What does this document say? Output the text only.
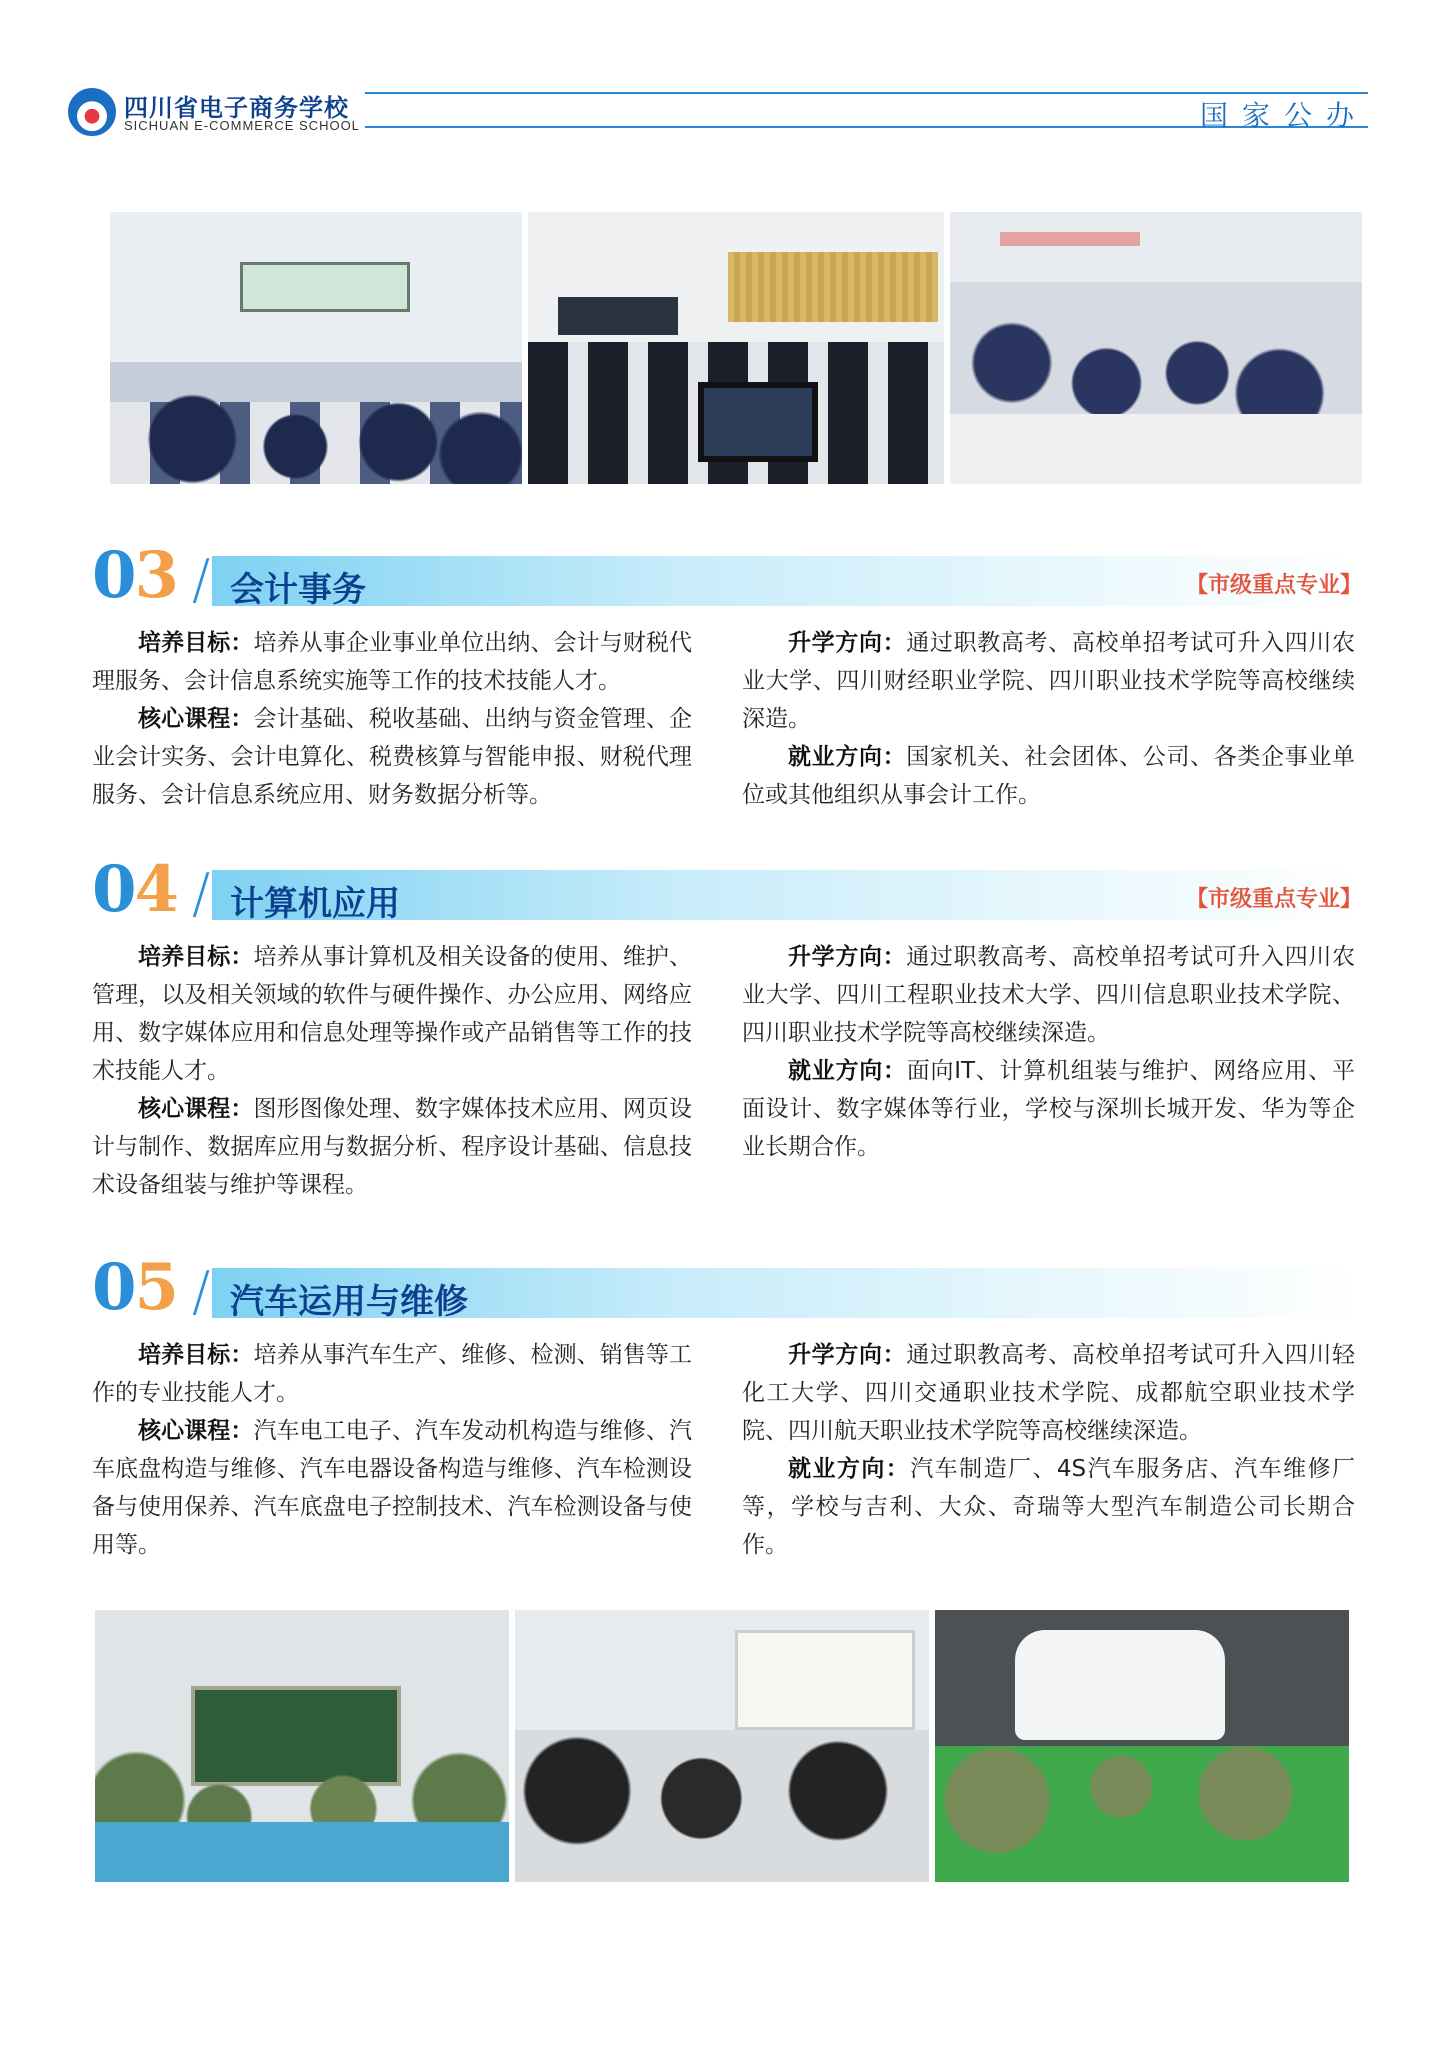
四川省电子商务学校
SICHUAN E-COMMERCE SCHOOL	国家公办
03 / 会计事务	【市级重点专业】

培养目标：培养从事企业事业单位出纳、会计与财税代理服务、会计信息系统实施等工作的技术技能人才。

核心课程：会计基础、税收基础、出纳与资金管理、企业会计实务、会计电算化、税费核算与智能申报、财税代理服务、会计信息系统应用、财务数据分析等。

升学方向：通过职教高考、高校单招考试可升入四川农业大学、四川财经职业学院、四川职业技术学院等高校继续深造。

就业方向：国家机关、社会团体、公司、各类企事业单位或其他组织从事会计工作。

04 / 计算机应用	【市级重点专业】

培养目标：培养从事计算机及相关设备的使用、维护、管理，以及相关领域的软件与硬件操作、办公应用、网络应用、数字媒体应用和信息处理等操作或产品销售等工作的技术技能人才。

核心课程：图形图像处理、数字媒体技术应用、网页设计与制作、数据库应用与数据分析、程序设计基础、信息技术设备组装与维护等课程。

升学方向：通过职教高考、高校单招考试可升入四川农业大学、四川工程职业技术大学、四川信息职业技术学院、四川职业技术学院等高校继续深造。

就业方向：面向IT、计算机组装与维护、网络应用、平面设计、数字媒体等行业，学校与深圳长城开发、华为等企业长期合作。

05 / 汽车运用与维修

培养目标：培养从事汽车生产、维修、检测、销售等工作的专业技能人才。

核心课程：汽车电工电子、汽车发动机构造与维修、汽车底盘构造与维修、汽车电器设备构造与维修、汽车检测设备与使用保养、汽车底盘电子控制技术、汽车检测设备与使用等。

升学方向：通过职教高考、高校单招考试可升入四川轻化工大学、四川交通职业技术学院、成都航空职业技术学院、四川航天职业技术学院等高校继续深造。

就业方向：汽车制造厂、4S汽车服务店、汽车维修厂等，学校与吉利、大众、奇瑞等大型汽车制造公司长期合作。
